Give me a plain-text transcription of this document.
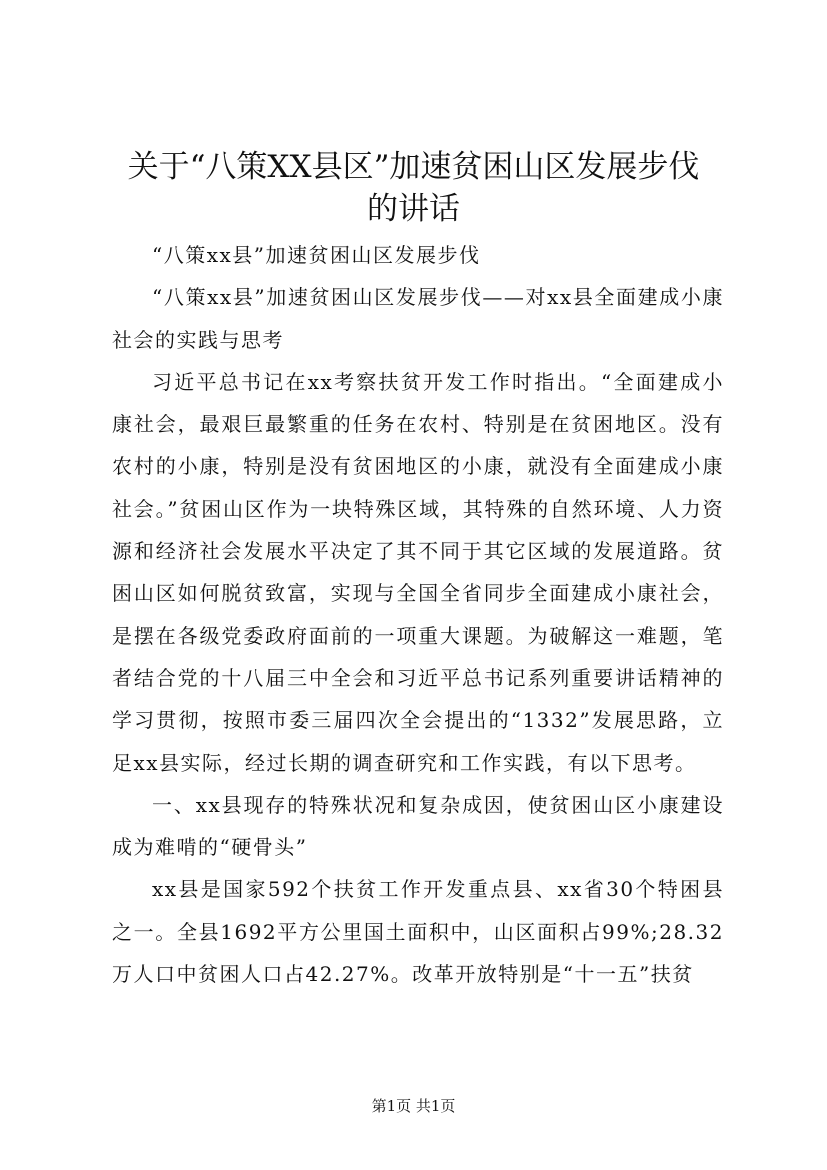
关于“八策XX县区”加速贫困山区发展步伐
的讲话

“八策xx县”加速贫困山区发展步伐

“八策xx县”加速贫困山区发展步伐——对xx县全面建成小康社会的实践与思考

习近平总书记在xx考察扶贫开发工作时指出。“全面建成小康社会，最艰巨最繁重的任务在农村、特别是在贫困地区。没有农村的小康，特别是没有贫困地区的小康，就没有全面建成小康社会。”贫困山区作为一块特殊区域，其特殊的自然环境、人力资源和经济社会发展水平决定了其不同于其它区域的发展道路。贫困山区如何脱贫致富，实现与全国全省同步全面建成小康社会，是摆在各级党委政府面前的一项重大课题。为破解这一难题，笔者结合党的十八届三中全会和习近平总书记系列重要讲话精神的学习贯彻，按照市委三届四次全会提出的“1332”发展思路，立足xx县实际，经过长期的调查研究和工作实践，有以下思考。

一、xx县现存的特殊状况和复杂成因，使贫困山区小康建设成为难啃的“硬骨头”

xx县是国家592个扶贫工作开发重点县、xx省30个特困县之一。全县1692平方公里国土面积中，山区面积占99%;28.32万人口中贫困人口占42.27%。改革开放特别是“十一五”扶贫

第1页 共1页
